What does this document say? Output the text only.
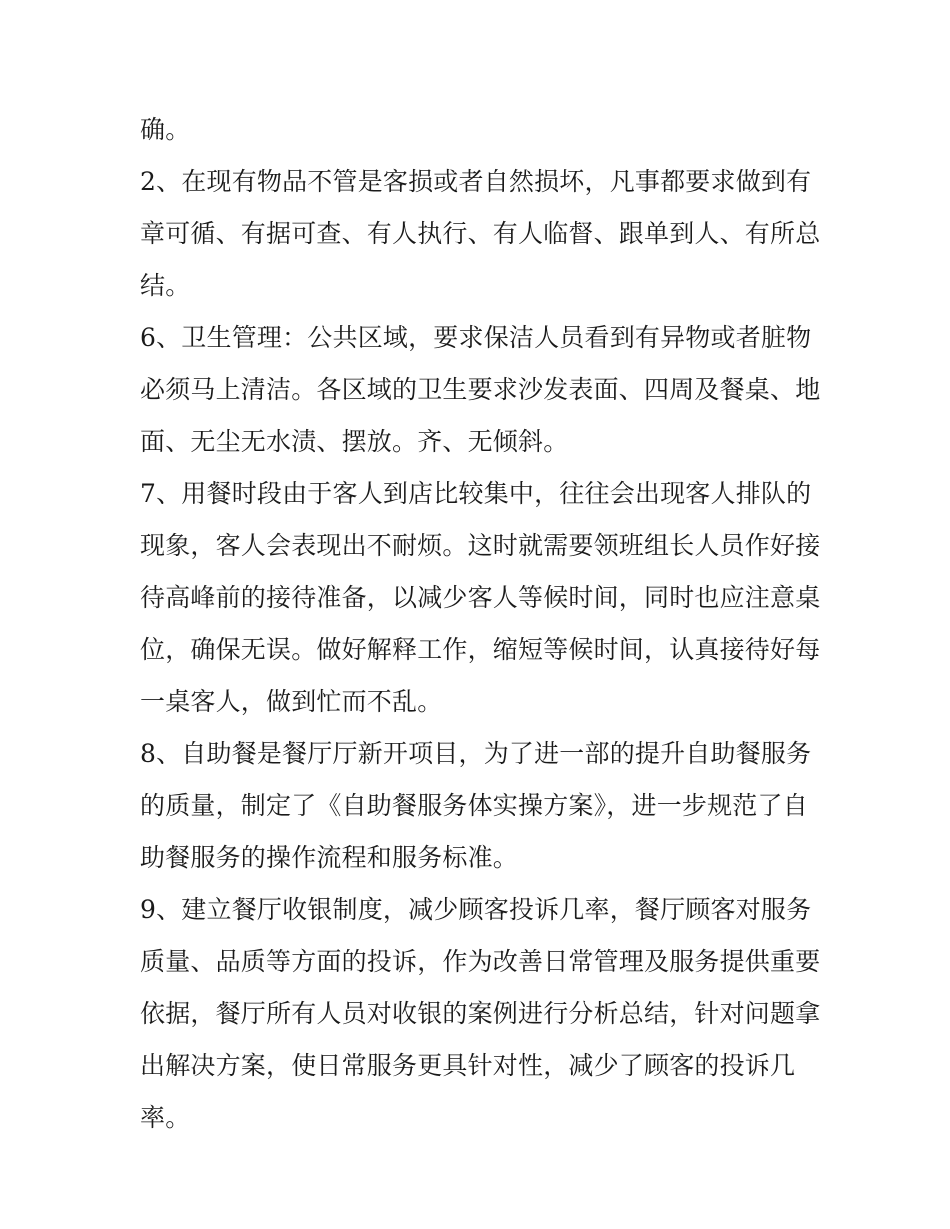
确。
2、在现有物品不管是客损或者自然损坏，凡事都要求做到有
章可循、有据可查、有人执行、有人临督、跟单到人、有所总
结。
6、卫生管理：公共区域，要求保洁人员看到有异物或者脏物
必须马上清洁。各区域的卫生要求沙发表面、四周及餐桌、地
面、无尘无水渍、摆放。齐、无倾斜。
7、用餐时段由于客人到店比较集中，往往会出现客人排队的
现象，客人会表现出不耐烦。这时就需要领班组长人员作好接
待高峰前的接待准备，以减少客人等候时间，同时也应注意桌
位，确保无误。做好解释工作，缩短等候时间，认真接待好每
一桌客人，做到忙而不乱。
8、自助餐是餐厅厅新开项目，为了进一部的提升自助餐服务
的质量，制定了《自助餐服务体实操方案》，进一步规范了自
助餐服务的操作流程和服务标准。
9、建立餐厅收银制度，减少顾客投诉几率，餐厅顾客对服务
质量、品质等方面的投诉，作为改善日常管理及服务提供重要
依据，餐厅所有人员对收银的案例进行分析总结，针对问题拿
出解决方案，使日常服务更具针对性，减少了顾客的投诉几
率。
